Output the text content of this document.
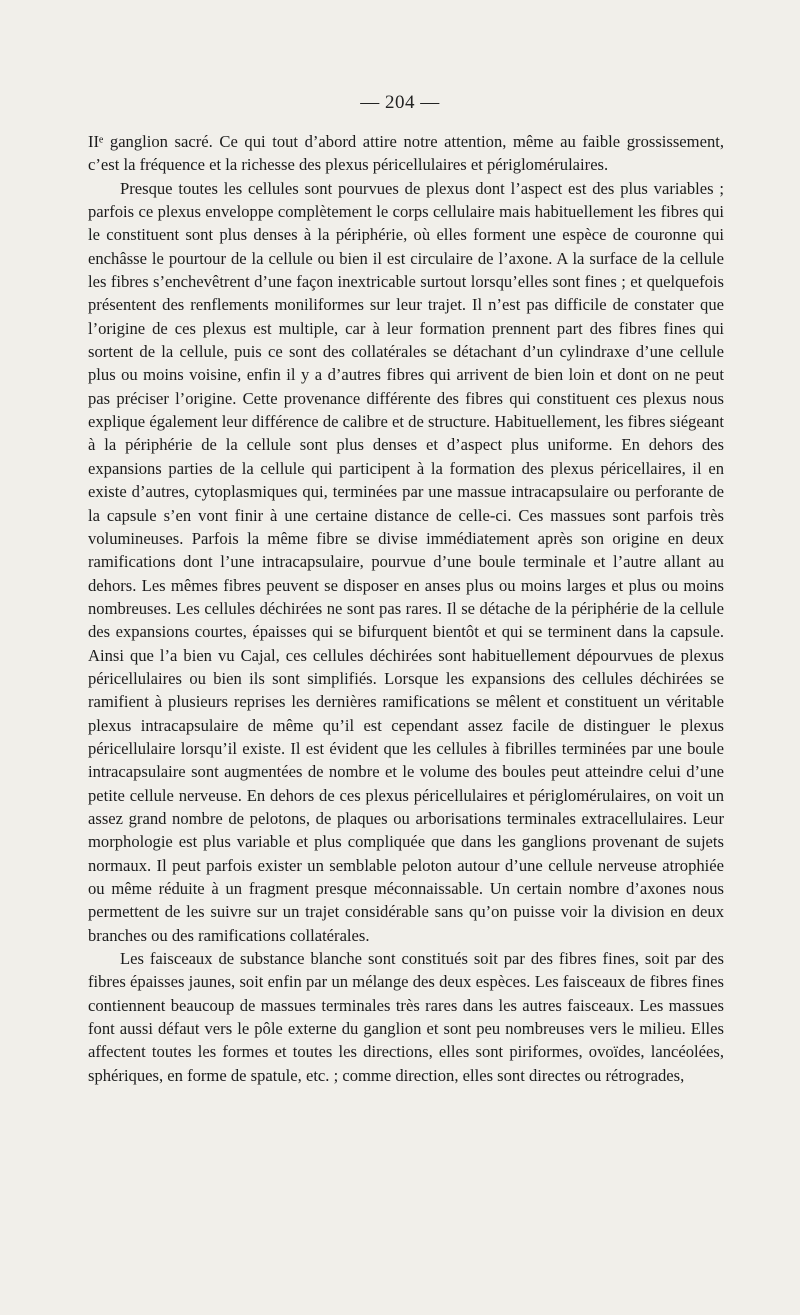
— 204 —

IIᵉ ganglion sacré. Ce qui tout d’abord attire notre attention, même au faible grossissement, c’est la fréquence et la richesse des plexus péricellulaires et périglomérulaires.

Presque toutes les cellules sont pourvues de plexus dont l’aspect est des plus variables ; parfois ce plexus enveloppe complètement le corps cellulaire mais habituellement les fibres qui le constituent sont plus denses à la périphérie, où elles forment une espèce de couronne qui enchâsse le pourtour de la cellule ou bien il est circulaire de l’axone. A la surface de la cellule les fibres s’enchevêtrent d’une façon inextricable surtout lorsqu’elles sont fines ; et quelquefois présentent des renflements moniliformes sur leur trajet. Il n’est pas difficile de constater que l’origine de ces plexus est multiple, car à leur formation prennent part des fibres fines qui sortent de la cellule, puis ce sont des collatérales se détachant d’un cylindraxe d’une cellule plus ou moins voisine, enfin il y a d’autres fibres qui arrivent de bien loin et dont on ne peut pas préciser l’origine. Cette provenance différente des fibres qui constituent ces plexus nous explique également leur différence de calibre et de structure. Habituellement, les fibres siégeant à la périphérie de la cellule sont plus denses et d’aspect plus uniforme. En dehors des expansions parties de la cellule qui participent à la formation des plexus péricellaires, il en existe d’autres, cytoplasmiques qui, terminées par une massue intracapsulaire ou perforante de la capsule s’en vont finir à une certaine distance de celle-ci. Ces massues sont parfois très volumineuses. Parfois la même fibre se divise immédiatement après son origine en deux ramifications dont l’une intracapsulaire, pourvue d’une boule terminale et l’autre allant au dehors. Les mêmes fibres peuvent se disposer en anses plus ou moins larges et plus ou moins nombreuses. Les cellules déchirées ne sont pas rares. Il se détache de la périphérie de la cellule des expansions courtes, épaisses qui se bifurquent bientôt et qui se terminent dans la capsule. Ainsi que l’a bien vu Cajal, ces cellules déchirées sont habituellement dépourvues de plexus péricellulaires ou bien ils sont simplifiés. Lorsque les expansions des cellules déchirées se ramifient à plusieurs reprises les dernières ramifications se mêlent et constituent un véritable plexus intracapsulaire de même qu’il est cependant assez facile de distinguer le plexus péricellulaire lorsqu’il existe. Il est évident que les cellules à fibrilles terminées par une boule intracapsulaire sont augmentées de nombre et le volume des boules peut atteindre celui d’une petite cellule nerveuse. En dehors de ces plexus péricellulaires et périglomérulaires, on voit un assez grand nombre de pelotons, de plaques ou arborisations terminales extracellulaires. Leur morphologie est plus variable et plus compliquée que dans les ganglions provenant de sujets normaux. Il peut parfois exister un semblable peloton autour d’une cellule nerveuse atrophiée ou même réduite à un fragment presque méconnaissable. Un certain nombre d’axones nous permettent de les suivre sur un trajet considérable sans qu’on puisse voir la division en deux branches ou des ramifications collatérales.

Les faisceaux de substance blanche sont constitués soit par des fibres fines, soit par des fibres épaisses jaunes, soit enfin par un mélange des deux espèces. Les faisceaux de fibres fines contiennent beaucoup de massues terminales très rares dans les autres faisceaux. Les massues font aussi défaut vers le pôle externe du ganglion et sont peu nombreuses vers le milieu. Elles affectent toutes les formes et toutes les directions, elles sont piriformes, ovoïdes, lancéolées, sphériques, en forme de spatule, etc. ; comme direction, elles sont directes ou rétrogrades,
